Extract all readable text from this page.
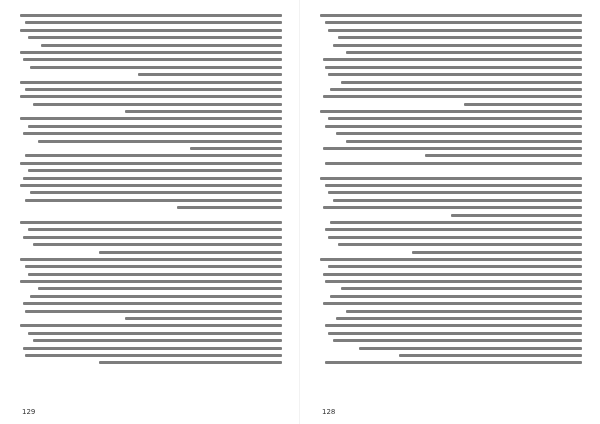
129	128
